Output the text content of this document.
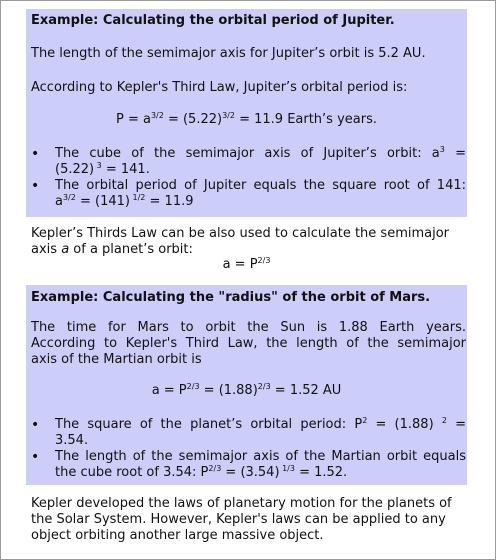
Example: Calculating the orbital period of Jupiter.
The length of the semimajor axis for Jupiter’s orbit is 5.2 AU.
According to Kepler's Third Law, Jupiter’s orbital period is:
$P = a^{3/2} = (5.22)^{3/2} = 11.9$ Earth’s years.
• The cube of the semimajor axis of Jupiter’s orbit: $a^3$ =
(5.22) $^3$ = 141.
• The orbital period of Jupiter equals the square root of 141:
$a^{3/2} = (141) ^{1/2} = 11.9$
Kepler’s Thirds Law can be also used to calculate the semimajor
axis a of a planet’s orbit:
$a = P^{2/3}$
Example: Calculating the "radius" of the orbit of Mars.
The time for Mars to orbit the Sun is 1.88 Earth years.
According to Kepler's Third Law, the length of the semimajor
axis of the Martian orbit is
$a = P^{2/3} = (1.88)^{2/3} = 1.52$ AU
• The square of the planet’s orbital period: $P^2 = (1.88) ^2$ =
3.54.
• The length of the semimajor axis of the Martian orbit equals
the cube root of 3.54: $P^{2/3} = (3.54) ^{1/3} = 1.52$.
Kepler developed the laws of planetary motion for the planets of
the Solar System. However, Kepler's laws can be applied to any
object orbiting another large massive object.
